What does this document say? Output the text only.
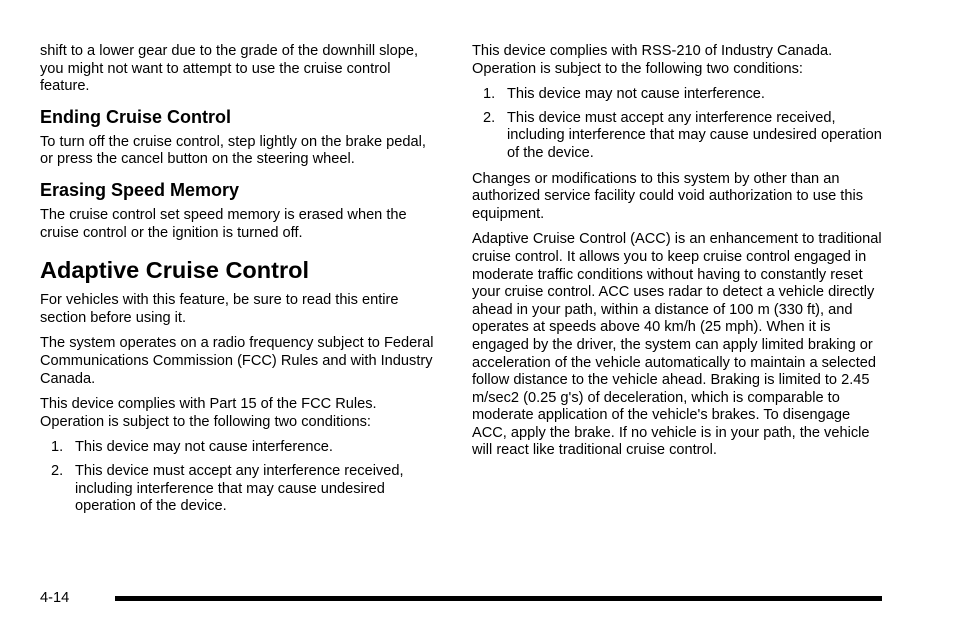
shift to a lower gear due to the grade of the downhill slope, you might not want to attempt to use the cruise control feature.

Ending Cruise Control

To turn off the cruise control, step lightly on the brake pedal, or press the cancel button on the steering wheel.

Erasing Speed Memory

The cruise control set speed memory is erased when the cruise control or the ignition is turned off.

Adaptive Cruise Control

For vehicles with this feature, be sure to read this entire section before using it.

The system operates on a radio frequency subject to Federal Communications Commission (FCC) Rules and with Industry Canada.

This device complies with Part 15 of the FCC Rules. Operation is subject to the following two conditions:

1. This device may not cause interference.
2. This device must accept any interference received, including interference that may cause undesired operation of the device.

This device complies with RSS-210 of Industry Canada. Operation is subject to the following two conditions:

1. This device may not cause interference.
2. This device must accept any interference received, including interference that may cause undesired operation of the device.

Changes or modifications to this system by other than an authorized service facility could void authorization to use this equipment.

Adaptive Cruise Control (ACC) is an enhancement to traditional cruise control. It allows you to keep cruise control engaged in moderate traffic conditions without having to constantly reset your cruise control. ACC uses radar to detect a vehicle directly ahead in your path, within a distance of 100 m (330 ft), and operates at speeds above 40 km/h (25 mph). When it is engaged by the driver, the system can apply limited braking or acceleration of the vehicle automatically to maintain a selected follow distance to the vehicle ahead. Braking is limited to 2.45 m/sec2 (0.25 g's) of deceleration, which is comparable to moderate application of the vehicle's brakes. To disengage ACC, apply the brake. If no vehicle is in your path, the vehicle will react like traditional cruise control.

4-14
